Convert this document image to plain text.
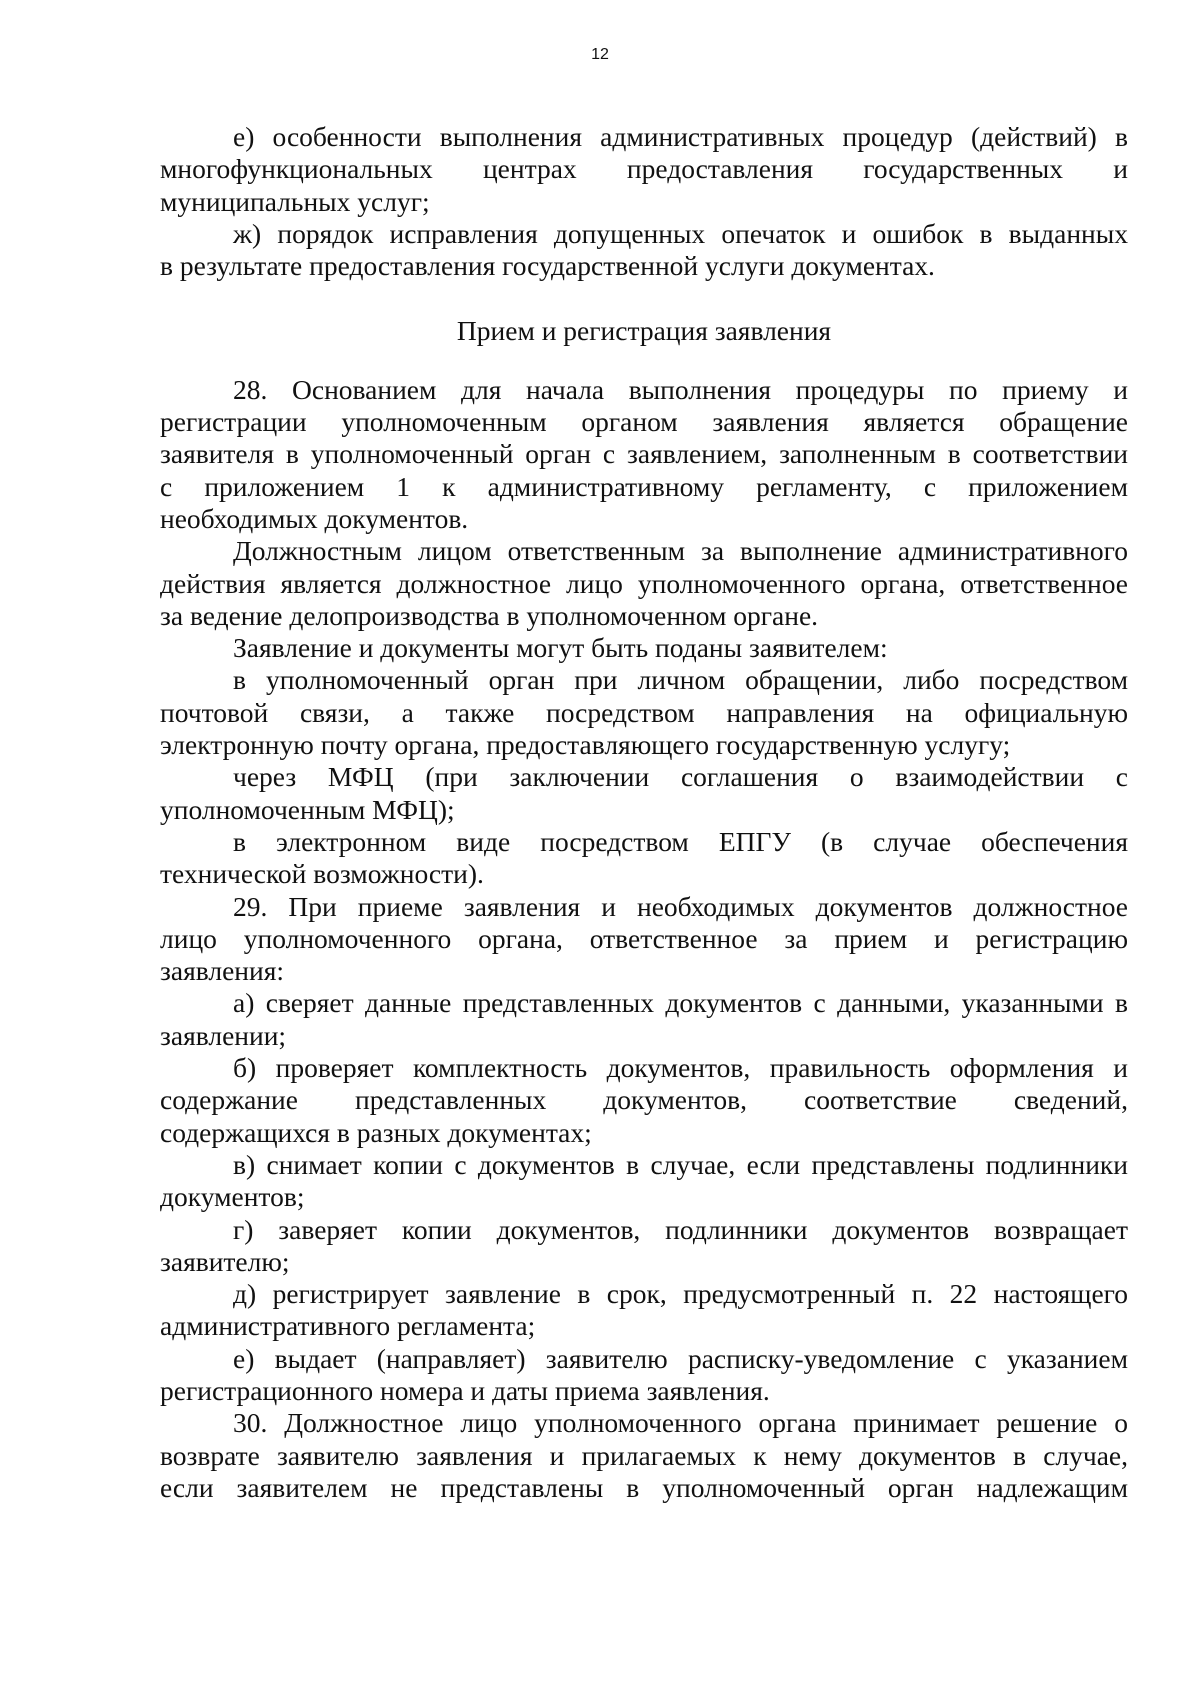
12
е) особенности выполнения административных процедур (действий) в
многофункциональных центрах предоставления государственных и
муниципальных услуг;
ж) порядок исправления допущенных опечаток и ошибок в выданных
в результате предоставления государственной услуги документах.
Прием и регистрация заявления
28. Основанием для начала выполнения процедуры по приему и
регистрации уполномоченным органом заявления является обращение
заявителя в уполномоченный орган с заявлением, заполненным в соответствии
с приложением 1 к административному регламенту, с приложением
необходимых документов.
Должностным лицом ответственным за выполнение административного
действия является должностное лицо уполномоченного органа, ответственное
за ведение делопроизводства в уполномоченном органе.
Заявление и документы могут быть поданы заявителем:
в уполномоченный орган при личном обращении, либо посредством
почтовой связи, а также посредством направления на официальную
электронную почту органа, предоставляющего государственную услугу;
через МФЦ (при заключении соглашения о взаимодействии с
уполномоченным МФЦ);
в электронном виде посредством ЕПГУ (в случае обеспечения
технической возможности).
29. При приеме заявления и необходимых документов должностное
лицо уполномоченного органа, ответственное за прием и регистрацию
заявления:
а) сверяет данные представленных документов с данными, указанными в
заявлении;
б) проверяет комплектность документов, правильность оформления и
содержание представленных документов, соответствие сведений,
содержащихся в разных документах;
в) снимает копии с документов в случае, если представлены подлинники
документов;
г) заверяет копии документов, подлинники документов возвращает
заявителю;
д) регистрирует заявление в срок, предусмотренный п. 22 настоящего
административного регламента;
е) выдает (направляет) заявителю расписку-уведомление с указанием
регистрационного номера и даты приема заявления.
30. Должностное лицо уполномоченного органа принимает решение о
возврате заявителю заявления и прилагаемых к нему документов в случае,
если заявителем не представлены в уполномоченный орган надлежащим
